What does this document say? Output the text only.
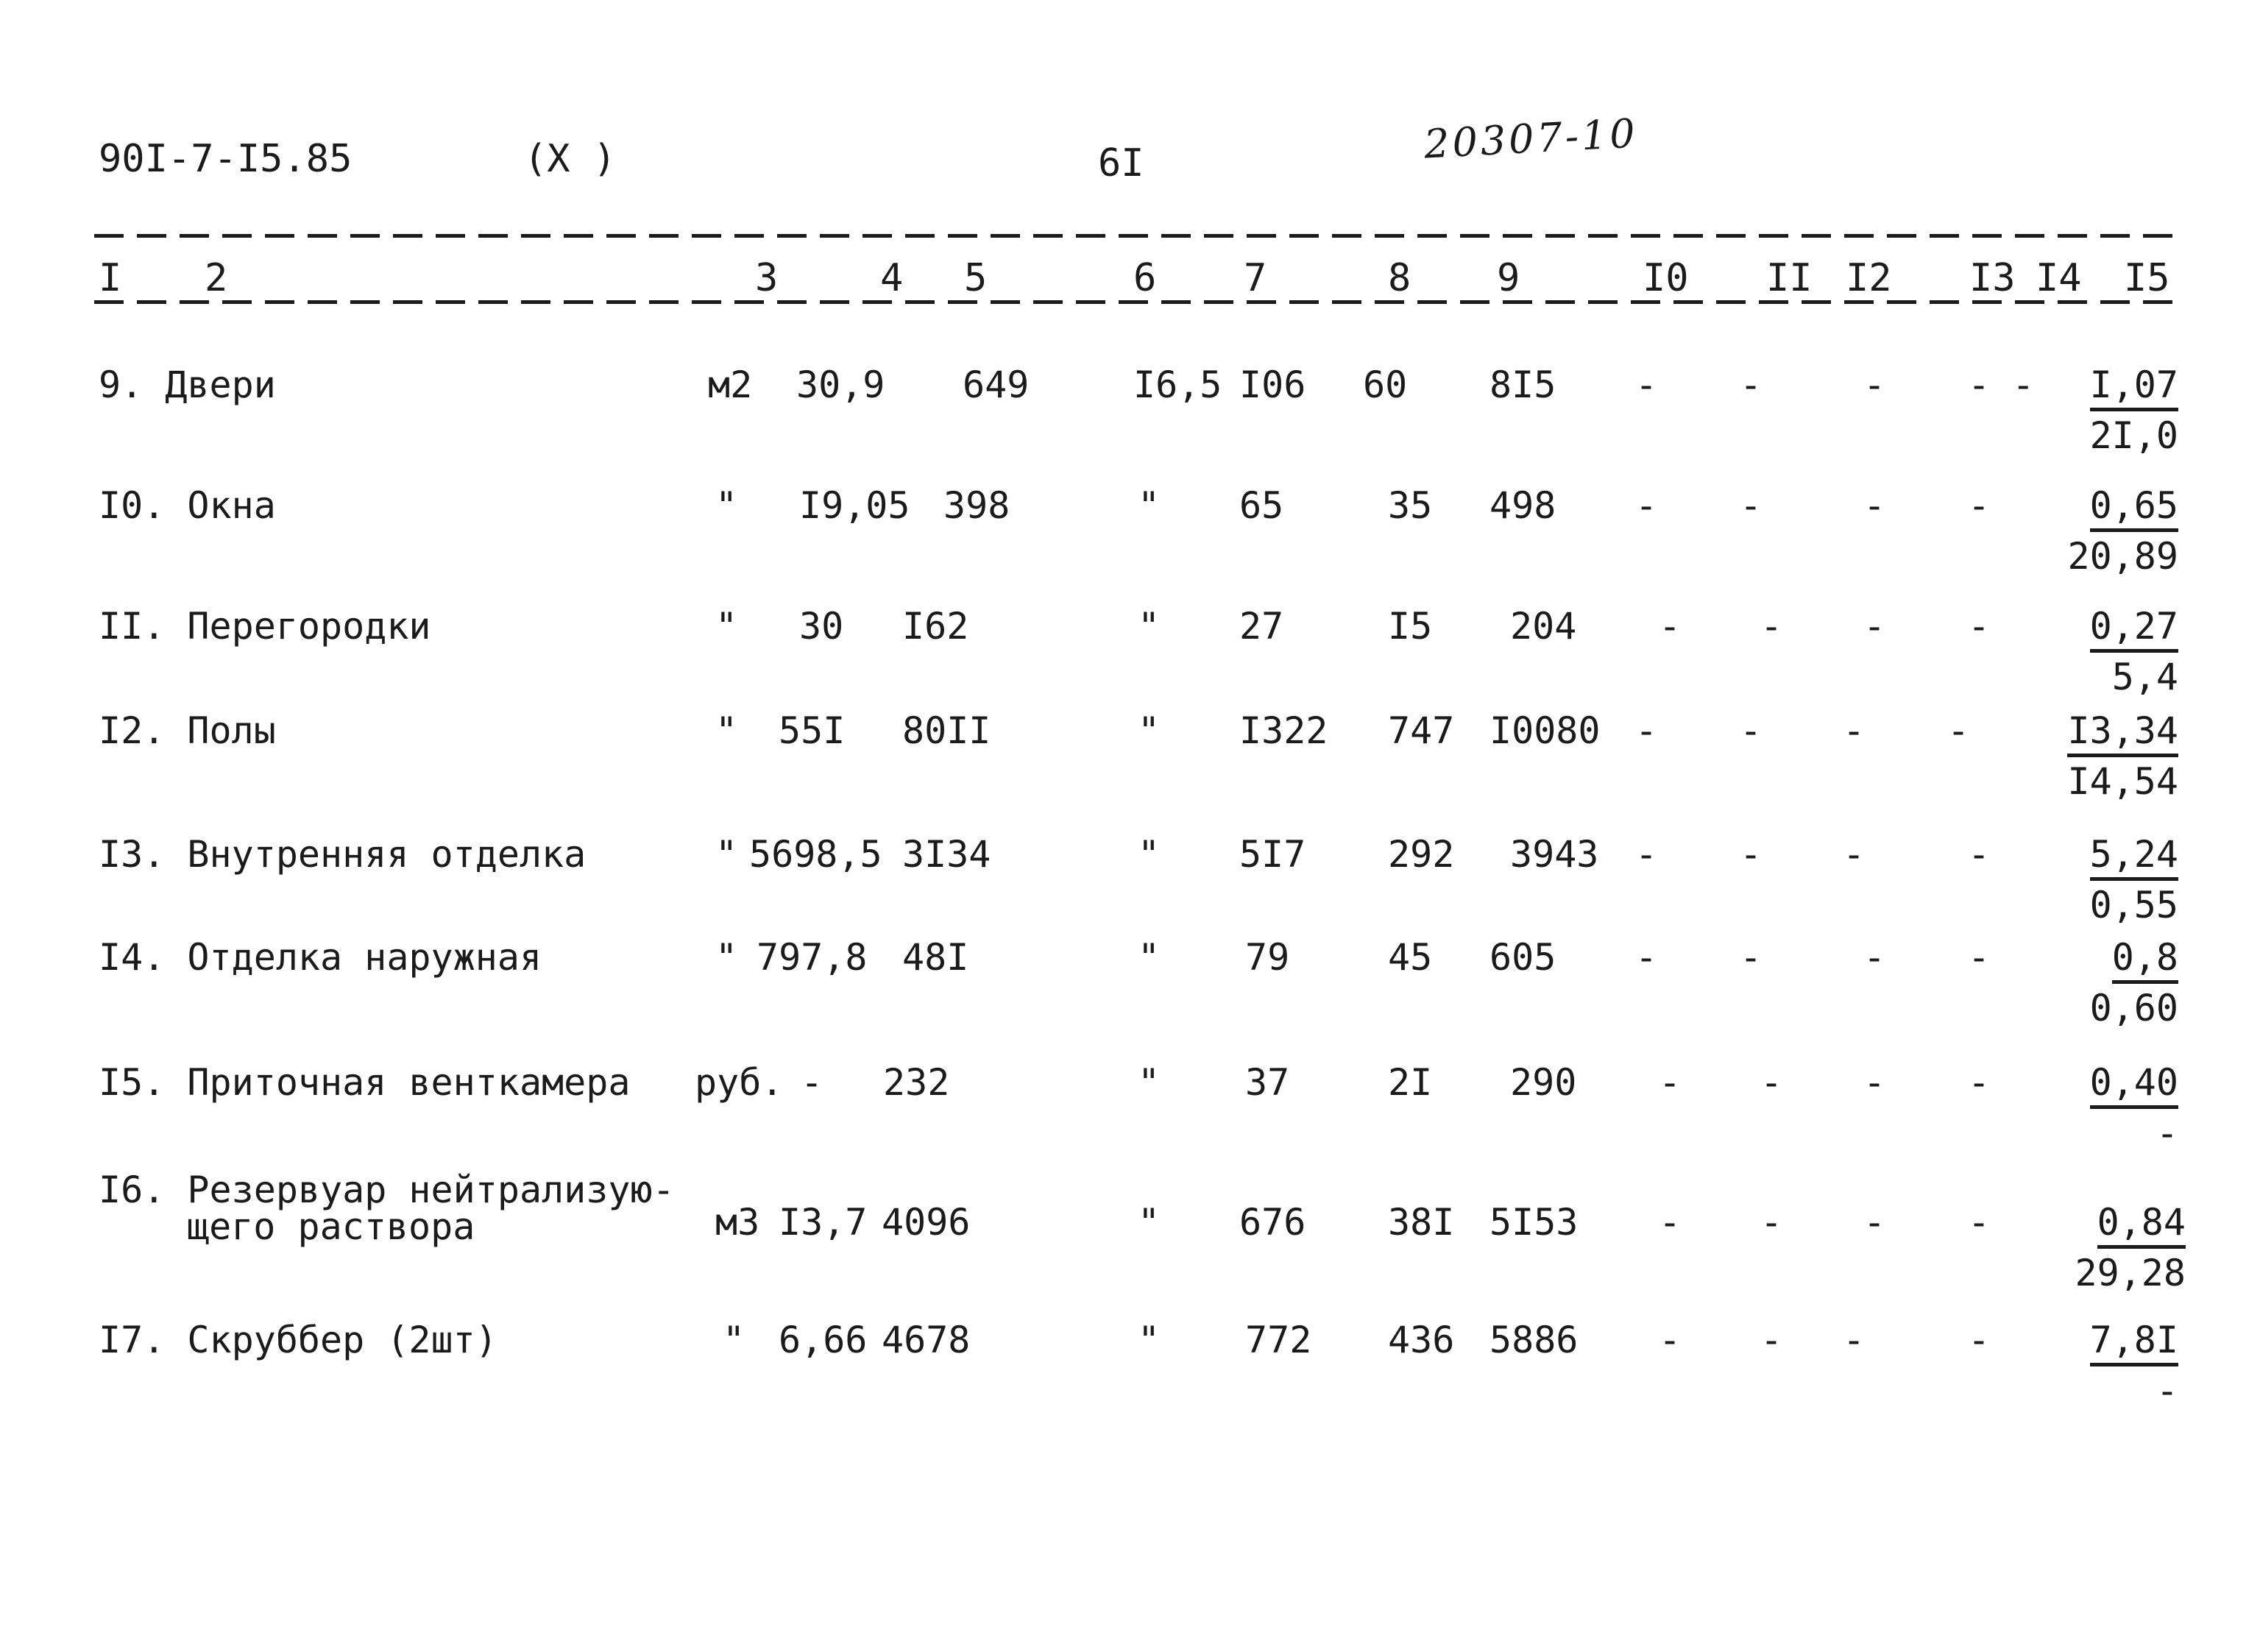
90I-7-I5.85	(X )	6I	20307-10
I 2	3	4 5	6 7	8 9	I0 II I2 I3 I4 I5
9. Двери	м2 30,9 649	I6,5 I06 60 8I5 - -	- - - $\frac{I,07}{2I,0}$
I0. Окна	" I9,05 398	" 65	35 498 - -	- - $\frac{0,65}{20,89}$
II. Перегородки	" 30 I62	" 27	I5 204 - - - - $\frac{0,27}{5,4}$
I2. Полы	" 55I 80II	" I322 747 I0080 - - - - $\frac{I3,34}{I4,54}$
I3. Внутренняя отделка	" 5698,5 3I34	" 5I7 292 3943 - - -	- $\frac{5,24}{0,55}$
I4. Отделка наружная	" 797,8 48I	" 79	45 605 - -	- - $\frac{0,8}{0,60}$
I5. Приточная венткамера руб. - 232	" 37	2I 290 - - - -	0,40
-
I6. Резервуар нейтрализую-
щего раствора	м3 I3,7 4096	" 676 38I 5I53 - - - - $\frac{0,84}{29,28}$
I7. Скруббер (2шт)	" 6,66 4678	" 772 436 5886 - - -	-	7,8I
-
